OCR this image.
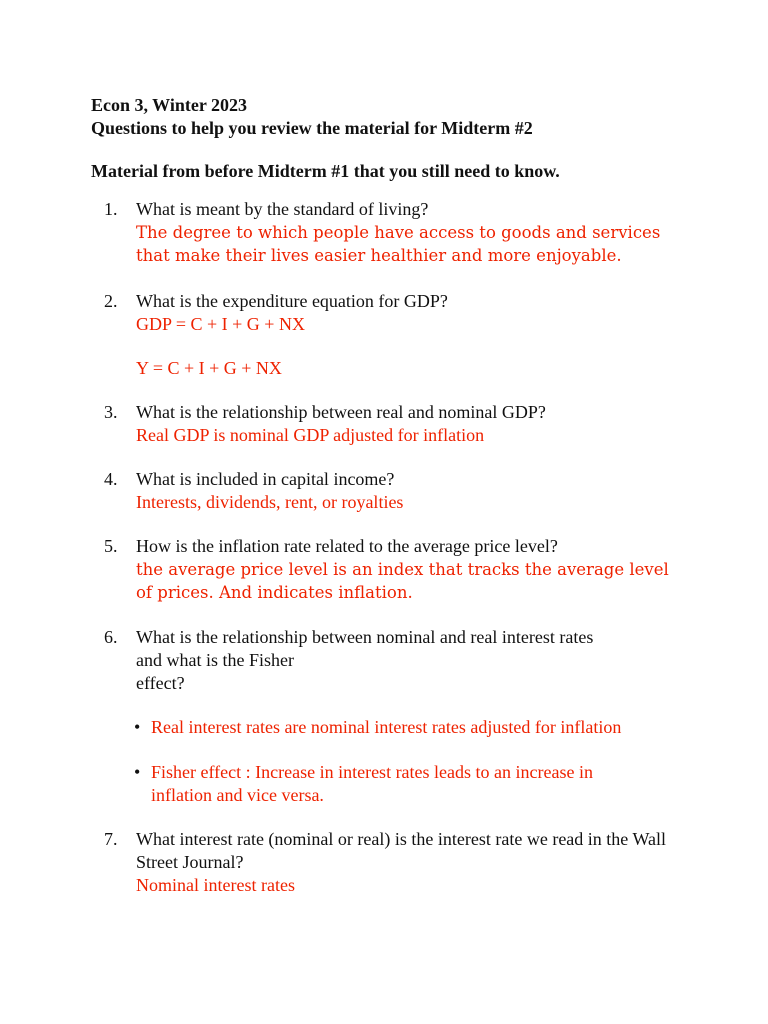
Econ 3, Winter 2023
Questions to help you review the material for Midterm #2
Material from before Midterm #1 that you still need to know.
1.	What is meant by the standard of living?
The degree to which people have access to goods and services that make their lives easier healthier and more enjoyable.
2.	What is the expenditure equation for GDP?
GDP = C + I + G + NX
Y = C + I + G + NX
3.	What is the relationship between real and nominal GDP?
Real GDP is nominal GDP adjusted for inflation
4.	What is included in capital income?
Interests, dividends, rent, or royalties
5.	How is the inflation rate related to the average price level?
the average price level is an index that tracks the average level of prices. And indicates inflation.
6.	What is the relationship between nominal and real interest rates
and what is the Fisher
effect?
• Real interest rates are nominal interest rates adjusted for inflation
• Fisher effect : Increase in interest rates leads to an increase in inflation and vice versa.
7.	What interest rate (nominal or real) is the interest rate we read in the Wall Street Journal?
Nominal interest rates
